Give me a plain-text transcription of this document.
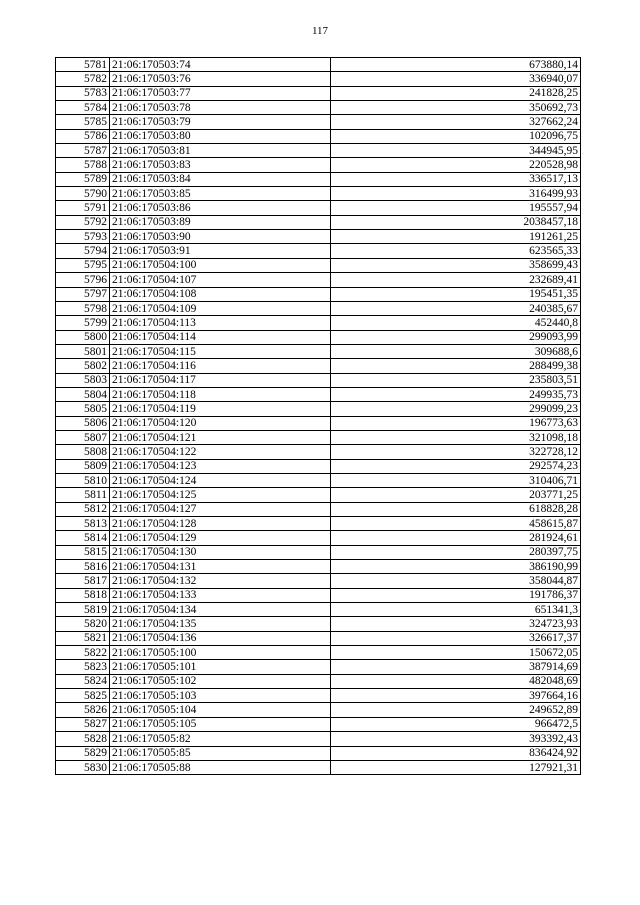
117
5781	21:06:170503:74	673880,14
5782	21:06:170503:76	336940,07
5783	21:06:170503:77	241828,25
5784	21:06:170503:78	350692,73
5785	21:06:170503:79	327662,24
5786	21:06:170503:80	102096,75
5787	21:06:170503:81	344945,95
5788	21:06:170503:83	220528,98
5789	21:06:170503:84	336517,13
5790	21:06:170503:85	316499,93
5791	21:06:170503:86	195557,94
5792	21:06:170503:89	2038457,18
5793	21:06:170503:90	191261,25
5794	21:06:170503:91	623565,33
5795	21:06:170504:100	358699,43
5796	21:06:170504:107	232689,41
5797	21:06:170504:108	195451,35
5798	21:06:170504:109	240385,67
5799	21:06:170504:113	452440,8
5800	21:06:170504:114	299093,99
5801	21:06:170504:115	309688,6
5802	21:06:170504:116	288499,38
5803	21:06:170504:117	235803,51
5804	21:06:170504:118	249935,73
5805	21:06:170504:119	299099,23
5806	21:06:170504:120	196773,63
5807	21:06:170504:121	321098,18
5808	21:06:170504:122	322728,12
5809	21:06:170504:123	292574,23
5810	21:06:170504:124	310406,71
5811	21:06:170504:125	203771,25
5812	21:06:170504:127	618828,28
5813	21:06:170504:128	458615,87
5814	21:06:170504:129	281924,61
5815	21:06:170504:130	280397,75
5816	21:06:170504:131	386190,99
5817	21:06:170504:132	358044,87
5818	21:06:170504:133	191786,37
5819	21:06:170504:134	651341,3
5820	21:06:170504:135	324723,93
5821	21:06:170504:136	326617,37
5822	21:06:170505:100	150672,05
5823	21:06:170505:101	387914,69
5824	21:06:170505:102	482048,69
5825	21:06:170505:103	397664,16
5826	21:06:170505:104	249652,89
5827	21:06:170505:105	966472,5
5828	21:06:170505:82	393392,43
5829	21:06:170505:85	836424,92
5830	21:06:170505:88	127921,31
